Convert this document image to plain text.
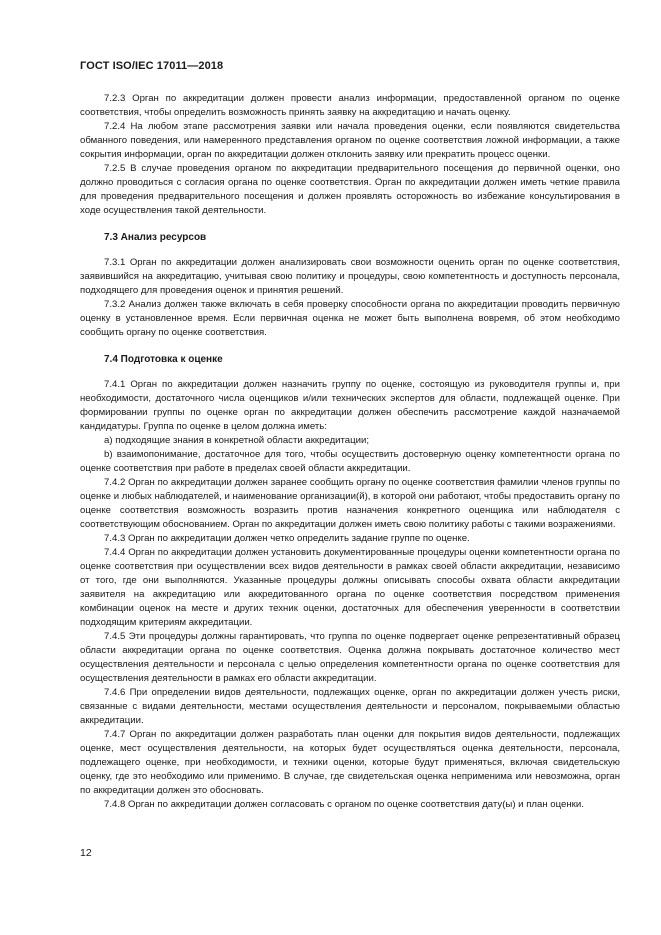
ГОСТ ISO/IEC 17011—2018

7.2.3 Орган по аккредитации должен провести анализ информации, предоставленной органом по оценке соответствия, чтобы определить возможность принять заявку на аккредитацию и начать оценку.

7.2.4 На любом этапе рассмотрения заявки или начала проведения оценки, если появляются свидетельства обманного поведения, или намеренного представления органом по оценке соответствия ложной информации, а также сокрытия информации, орган по аккредитации должен отклонить заявку или прекратить процесс оценки.

7.2.5 В случае проведения органом по аккредитации предварительного посещения до первичной оценки, оно должно проводиться с согласия органа по оценке соответствия. Орган по аккредитации должен иметь четкие правила для проведения предварительного посещения и должен проявлять осторожность во избежание консультирования в ходе осуществления такой деятельности.

7.3 Анализ ресурсов

7.3.1 Орган по аккредитации должен анализировать свои возможности оценить орган по оценке соответствия, заявившийся на аккредитацию, учитывая свою политику и процедуры, свою компетентность и доступность персонала, подходящего для проведения оценок и принятия решений.

7.3.2 Анализ должен также включать в себя проверку способности органа по аккредитации проводить первичную оценку в установленное время. Если первичная оценка не может быть выполнена вовремя, об этом необходимо сообщить органу по оценке соответствия.

7.4 Подготовка к оценке

7.4.1 Орган по аккредитации должен назначить группу по оценке, состоящую из руководителя группы и, при необходимости, достаточного числа оценщиков и/или технических экспертов для области, подлежащей оценке. При формировании группы по оценке орган по аккредитации должен обеспечить рассмотрение каждой назначаемой кандидатуры. Группа по оценке в целом должна иметь:

a) подходящие знания в конкретной области аккредитации;

b) взаимопонимание, достаточное для того, чтобы осуществить достоверную оценку компетентности органа по оценке соответствия при работе в пределах своей области аккредитации.

7.4.2 Орган по аккредитации должен заранее сообщить органу по оценке соответствия фамилии членов группы по оценке и любых наблюдателей, и наименование организации(й), в которой они работают, чтобы предоставить органу по оценке соответствия возможность возразить против назначения конкретного оценщика или наблюдателя с соответствующим обоснованием. Орган по аккредитации должен иметь свою политику работы с такими возражениями.

7.4.3 Орган по аккредитации должен четко определить задание группе по оценке.

7.4.4 Орган по аккредитации должен установить документированные процедуры оценки компетентности органа по оценке соответствия при осуществлении всех видов деятельности в рамках своей области аккредитации, независимо от того, где они выполняются. Указанные процедуры должны описывать способы охвата области аккредитации заявителя на аккредитацию или аккредитованного органа по оценке соответствия посредством применения комбинации оценок на месте и других техник оценки, достаточных для обеспечения уверенности в соответствии подходящим критериям аккредитации.

7.4.5 Эти процедуры должны гарантировать, что группа по оценке подвергает оценке репрезентативный образец области аккредитации органа по оценке соответствия. Оценка должна покрывать достаточное количество мест осуществления деятельности и персонала с целью определения компетентности органа по оценке соответствия для осуществления деятельности в рамках его области аккредитации.

7.4.6 При определении видов деятельности, подлежащих оценке, орган по аккредитации должен учесть риски, связанные с видами деятельности, местами осуществления деятельности и персоналом, покрываемыми областью аккредитации.

7.4.7 Орган по аккредитации должен разработать план оценки для покрытия видов деятельности, подлежащих оценке, мест осуществления деятельности, на которых будет осуществляться оценка деятельности, персонала, подлежащего оценке, при необходимости, и техники оценки, которые будут применяться, включая свидетельскую оценку, где это необходимо или применимо. В случае, где свидетельская оценка неприменима или невозможна, орган по аккредитации должен это обосновать.

7.4.8 Орган по аккредитации должен согласовать с органом по оценке соответствия дату(ы) и план оценки.

12
